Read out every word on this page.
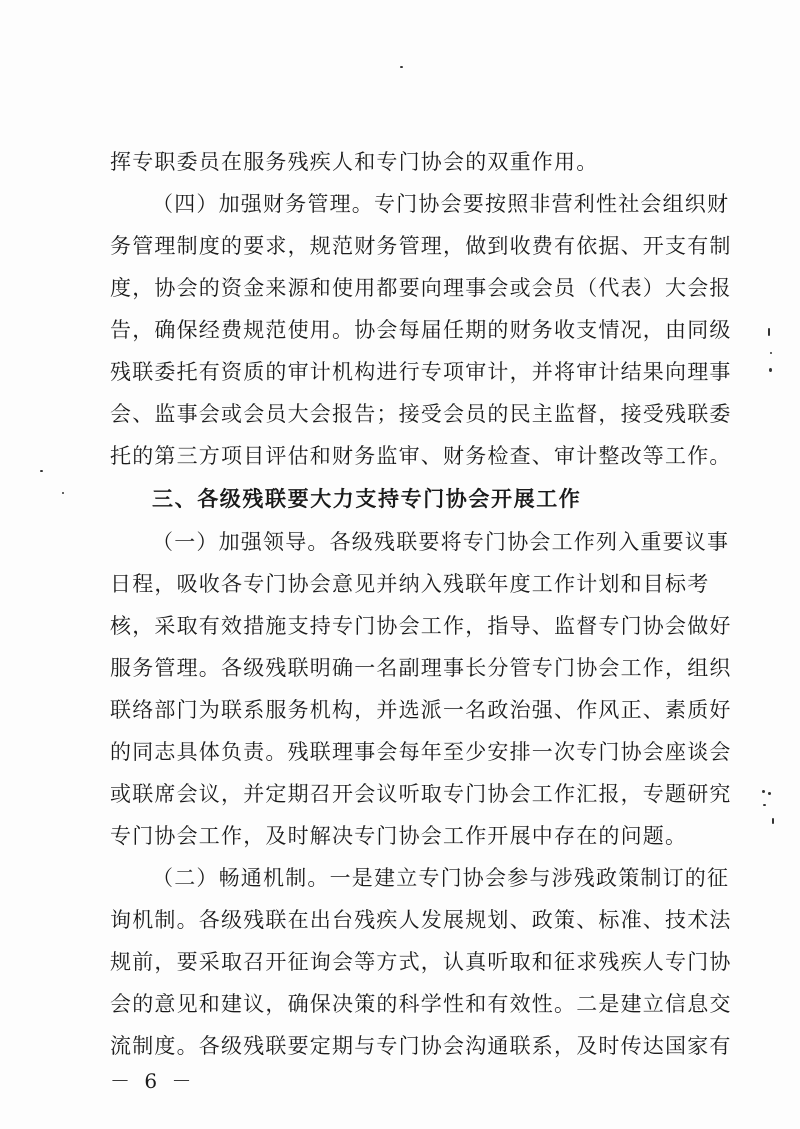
挥专职委员在服务残疾人和专门协会的双重作用。
（四）加强财务管理。专门协会要按照非营利性社会组织财
务管理制度的要求，规范财务管理，做到收费有依据、开支有制
度，协会的资金来源和使用都要向理事会或会员（代表）大会报
告，确保经费规范使用。协会每届任期的财务收支情况，由同级
残联委托有资质的审计机构进行专项审计，并将审计结果向理事
会、监事会或会员大会报告；接受会员的民主监督，接受残联委
托的第三方项目评估和财务监审、财务检查、审计整改等工作。
三、各级残联要大力支持专门协会开展工作
（一）加强领导。各级残联要将专门协会工作列入重要议事
日程，吸收各专门协会意见并纳入残联年度工作计划和目标考
核，采取有效措施支持专门协会工作，指导、监督专门协会做好
服务管理。各级残联明确一名副理事长分管专门协会工作，组织
联络部门为联系服务机构，并选派一名政治强、作风正、素质好
的同志具体负责。残联理事会每年至少安排一次专门协会座谈会
或联席会议，并定期召开会议听取专门协会工作汇报，专题研究
专门协会工作，及时解决专门协会工作开展中存在的问题。
（二）畅通机制。一是建立专门协会参与涉残政策制订的征
询机制。各级残联在出台残疾人发展规划、政策、标准、技术法
规前，要采取召开征询会等方式，认真听取和征求残疾人专门协
会的意见和建议，确保决策的科学性和有效性。二是建立信息交
流制度。各级残联要定期与专门协会沟通联系，及时传达国家有
－ 6 －
